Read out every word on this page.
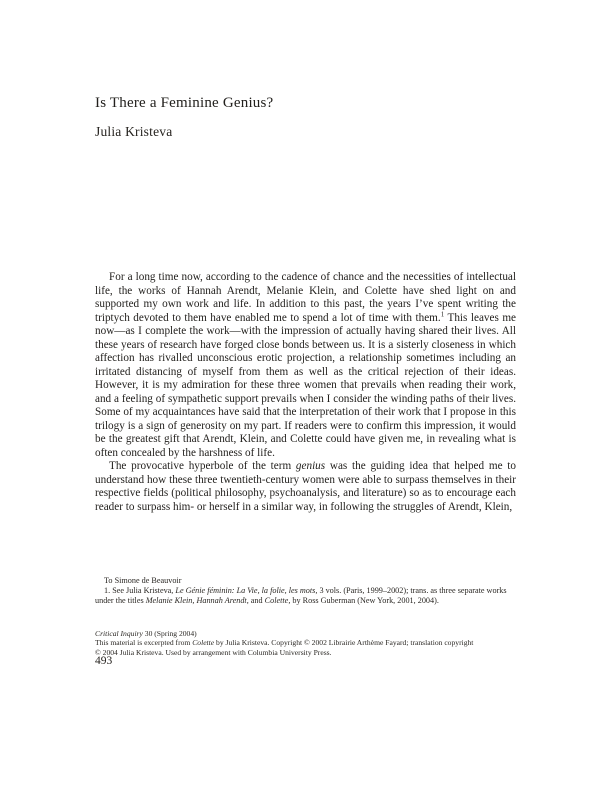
Is There a Feminine Genius?
Julia Kristeva

For a long time now, according to the cadence of chance and the necessities of intellectual life, the works of Hannah Arendt, Melanie Klein, and Colette have shed light on and supported my own work and life. In addition to this past, the years I’ve spent writing the triptych devoted to them have enabled me to spend a lot of time with them.$^1$ This leaves me now—as I complete the work—with the impression of actually having shared their lives. All these years of research have forged close bonds between us. It is a sisterly closeness in which affection has rivalled unconscious erotic projection, a relationship sometimes including an irritated distancing of myself from them as well as the critical rejection of their ideas. However, it is my admiration for these three women that prevails when reading their work, and a feeling of sympathetic support prevails when I consider the winding paths of their lives. Some of my acquaintances have said that the interpretation of their work that I propose in this trilogy is a sign of generosity on my part. If readers were to confirm this impression, it would be the greatest gift that Arendt, Klein, and Colette could have given me, in revealing what is often concealed by the harshness of life.

The provocative hyperbole of the term genius was the guiding idea that helped me to understand how these three twentieth-century women were able to surpass themselves in their respective fields (political philosophy, psychoanalysis, and literature) so as to encourage each reader to surpass him- or herself in a similar way, in following the struggles of Arendt, Klein,

To Simone de Beauvoir

1. See Julia Kristeva, Le Génie féminin: La Vie, la folie, les mots, 3 vols. (Paris, 1999–2002); trans. as three separate works under the titles Melanie Klein, Hannah Arendt, and Colette, by Ross Guberman (New York, 2001, 2004).

Critical Inquiry 30 (Spring 2004)

This material is excerpted from Colette by Julia Kristeva. Copyright © 2002 Librairie Arthème Fayard; translation copyright

© 2004 Julia Kristeva. Used by arrangement with Columbia University Press.

493
